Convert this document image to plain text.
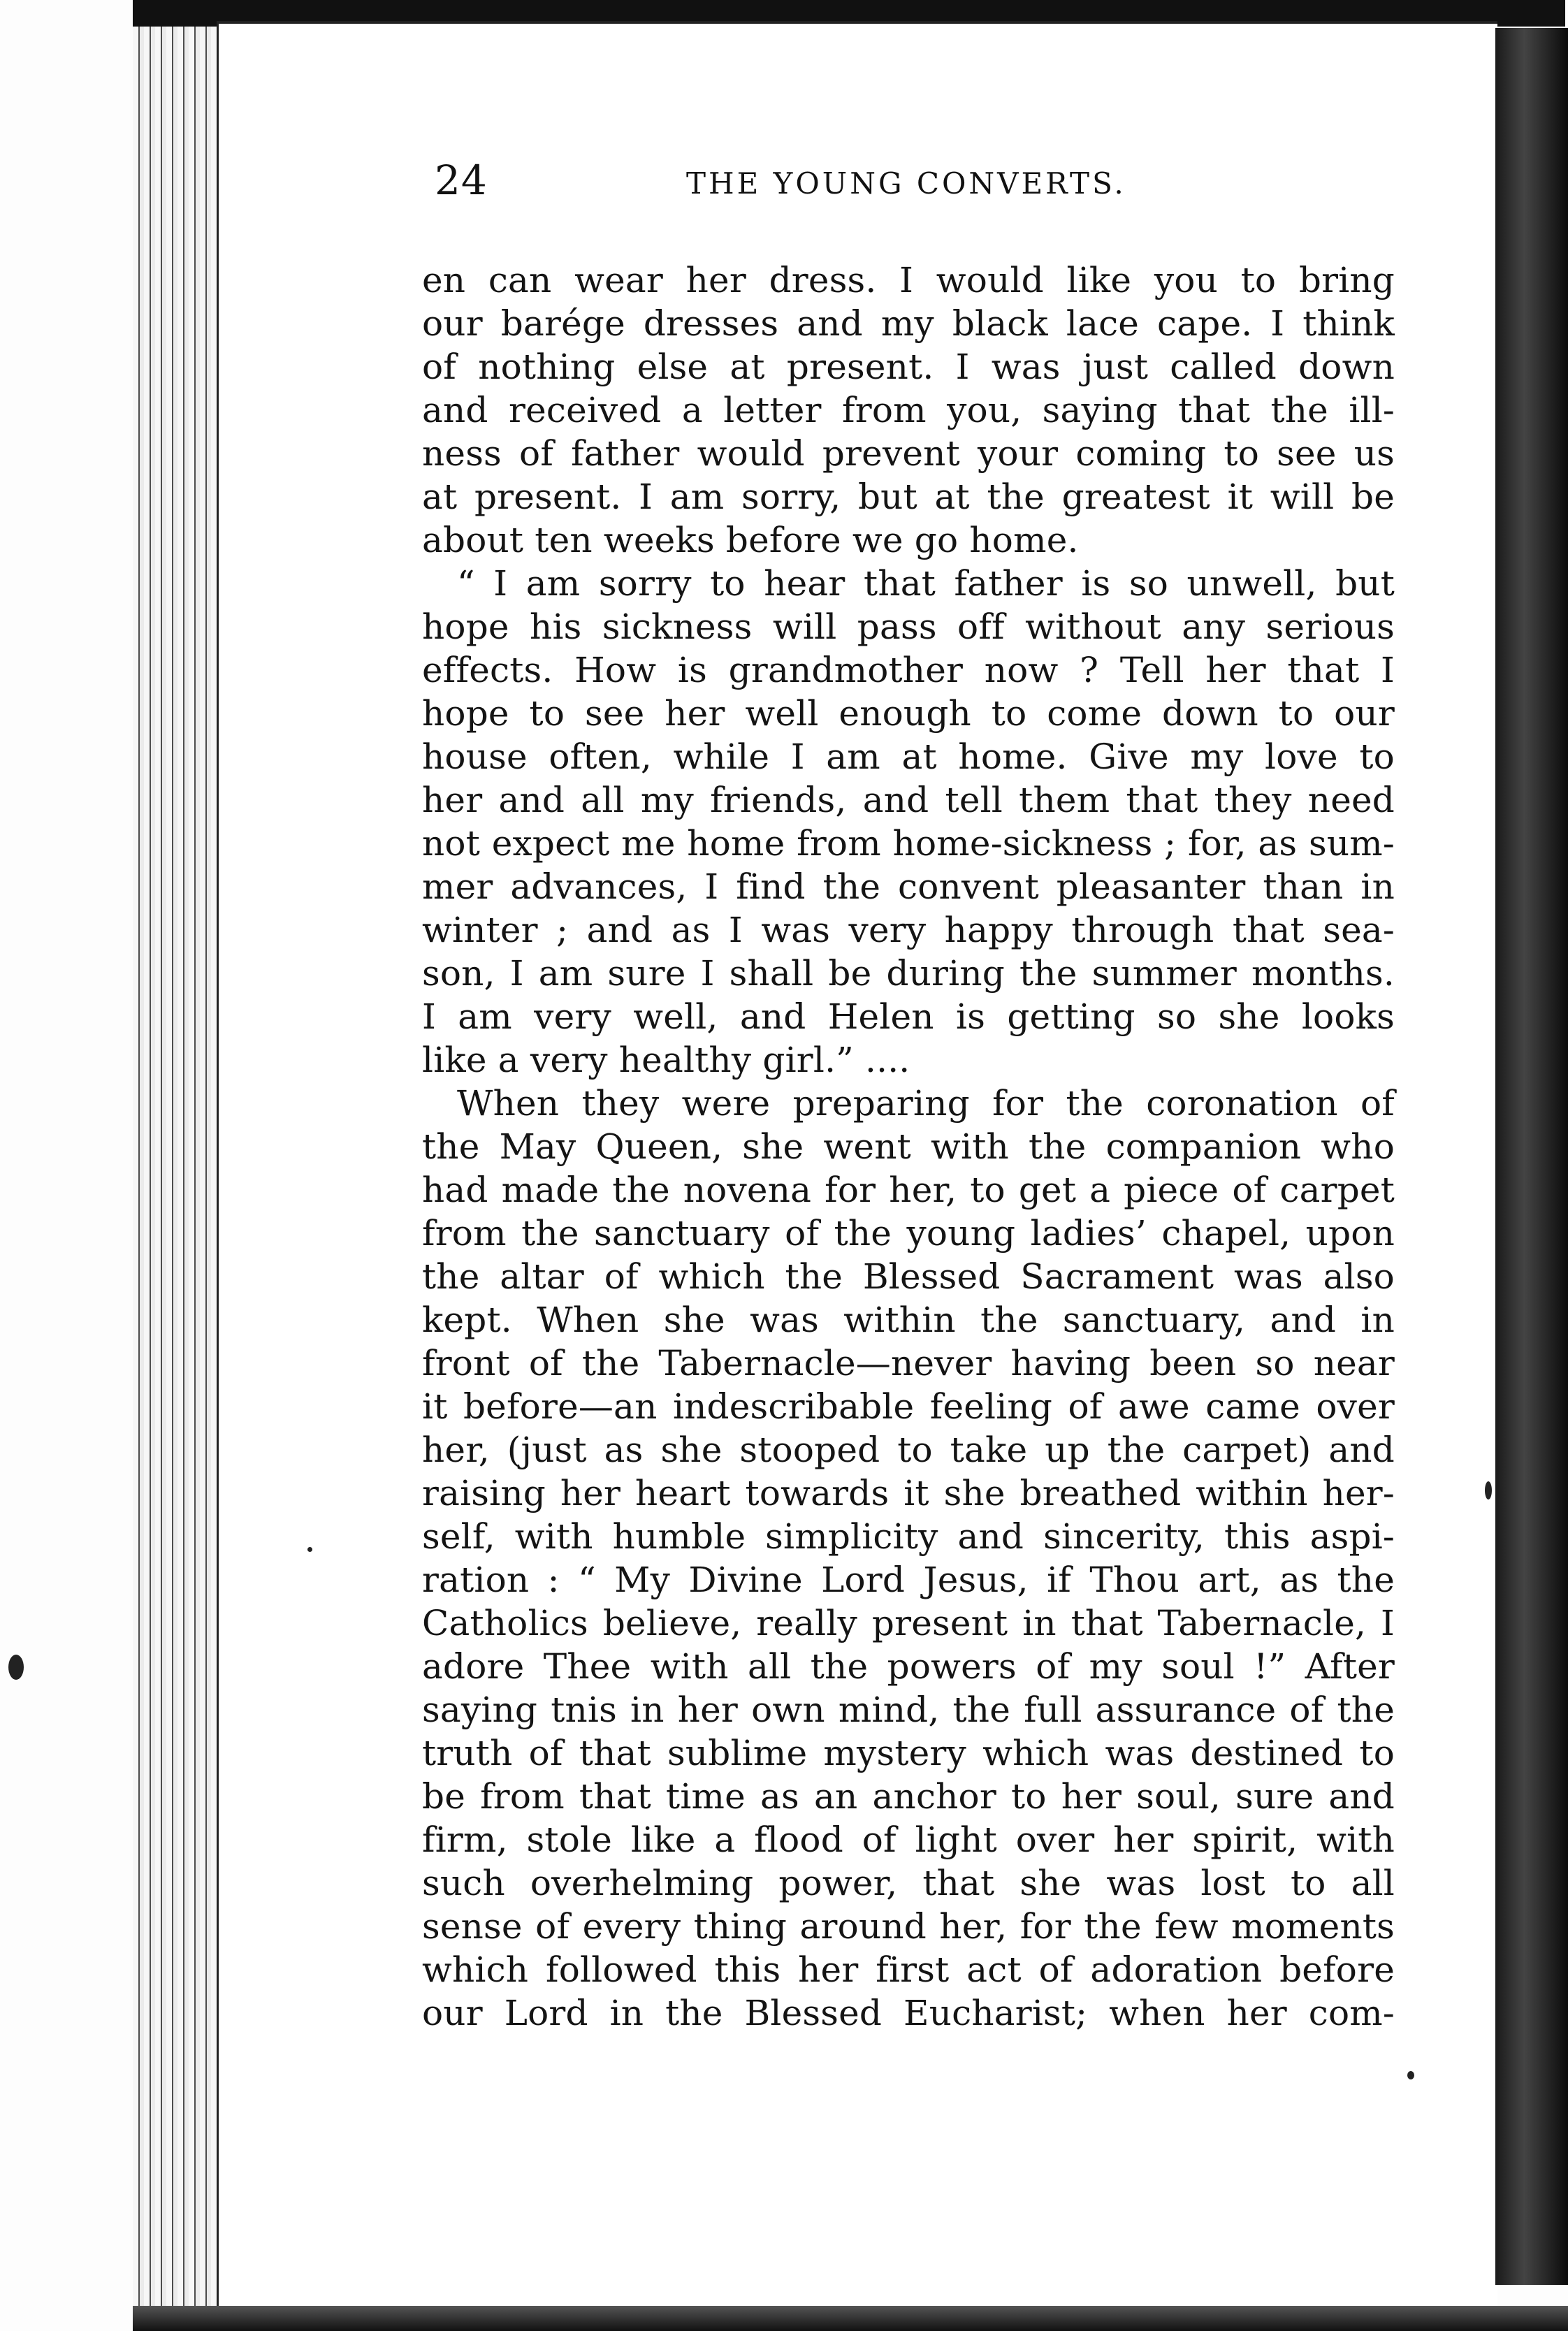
24	THE YOUNG CONVERTS.
en can wear her dress. I would like you to bring
our barége dresses and my black lace cape. I think
of nothing else at present. I was just called down
and received a letter from you, saying that the ill-
ness of father would prevent your coming to see us
at present. I am sorry, but at the greatest it will be
about ten weeks before we go home.
“ I am sorry to hear that father is so unwell, but
hope his sickness will pass off without any serious
effects. How is grandmother now ? Tell her that I
hope to see her well enough to come down to our
house often, while I am at home. Give my love to
her and all my friends, and tell them that they need
not expect me home from home-sickness ; for, as sum-
mer advances, I find the convent pleasanter than in
winter ; and as I was very happy through that sea-
son, I am sure I shall be during the summer months.
I am very well, and Helen is getting so she looks
like a very healthy girl.” ....
When they were preparing for the coronation of
the May Queen, she went with the companion who
had made the novena for her, to get a piece of carpet
from the sanctuary of the young ladies’ chapel, upon
the altar of which the Blessed Sacrament was also
kept. When she was within the sanctuary, and in
front of the Tabernacle—never having been so near
it before—an indescribable feeling of awe came over
her, (just as she stooped to take up the carpet) and
raising her heart towards it she breathed within her-
self, with humble simplicity and sincerity, this aspi-
ration : “ My Divine Lord Jesus, if Thou art, as the
Catholics believe, really present in that Tabernacle, I
adore Thee with all the powers of my soul !” After
saying tnis in her own mind, the full assurance of the
truth of that sublime mystery which was destined to
be from that time as an anchor to her soul, sure and
firm, stole like a flood of light over her spirit, with
such overhelming power, that she was lost to all
sense of every thing around her, for the few moments
which followed this her first act of adoration before
our Lord in the Blessed Eucharist; when her com-
